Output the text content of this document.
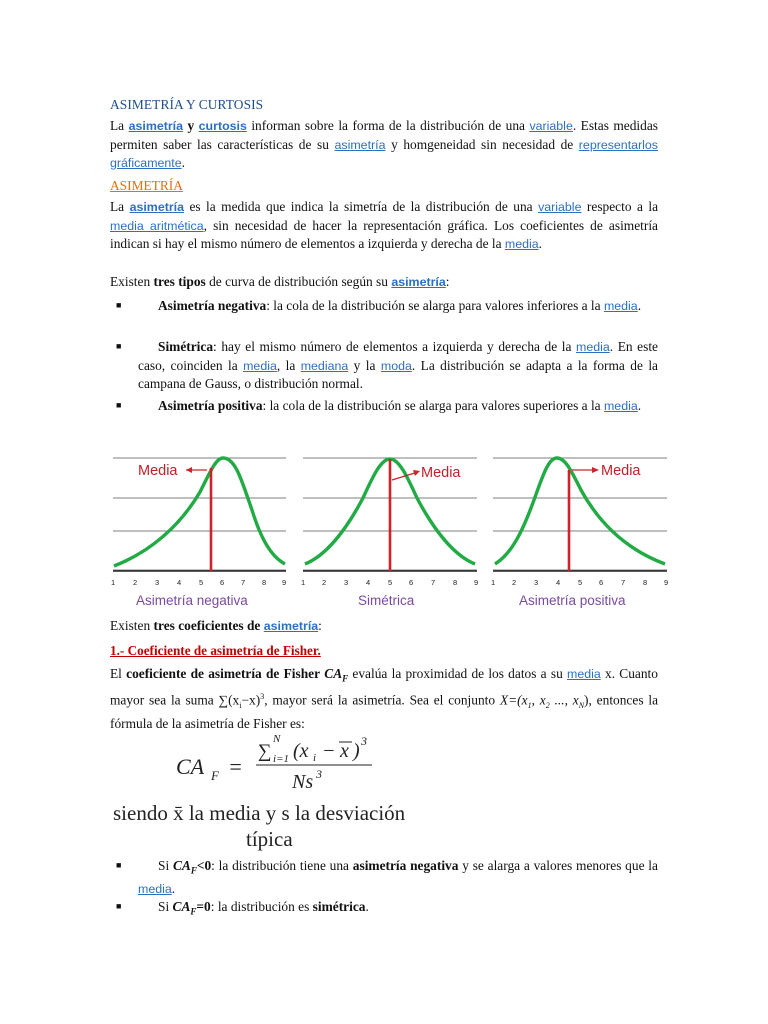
ASIMETRÍA Y CURTOSIS

La asimetría y curtosis informan sobre la forma de la distribución de una variable. Estas medidas permiten saber las características de su asimetría y homgeneidad sin necesidad de representarlos gráficamente.

ASIMETRÍA

La asimetría es la medida que indica la simetría de la distribución de una variable respecto a la media aritmética, sin necesidad de hacer la representación gráfica. Los coeficientes de asimetría indican si hay el mismo número de elementos a izquierda y derecha de la media.

Existen tres tipos de curva de distribución según su asimetría:

■	Asimetría negativa: la cola de la distribución se alarga para valores inferiores a la media.

■	Simétrica: hay el mismo número de elementos a izquierda y derecha de la media. En este caso, coinciden la media, la mediana y la moda. La distribución se adapta a la forma de la campana de Gauss, o distribución normal.

■	Asimetría positiva: la cola de la distribución se alarga para valores superiores a la media.

Existen tres coeficientes de asimetría:

1.- Coeficiente de asimetría de Fisher.

El coeficiente de asimetría de Fisher $CA_F$ evalúa la proximidad de los datos a su media x. Cuanto mayor sea la suma $\sum(x_i-x)^3$, mayor será la asimetría. Sea el conjunto $X=(x_1$, $x_2$ ..., $x_N$), entonces la fórmula de la asimetría de Fisher es:

■	Si $CA_F<0$: la distribución tiene una asimetría negativa y se alarga a valores menores que la media.

■	Si $CA_F=0$: la distribución es simétrica.

Media
1 2 3 4 5 6 7 8 9
Asimetría negativa
Media
1 2 3 4 5 6 7 8 9
Simétrica
Media
1 2 3 4 5 6 7 8 9
Asimetría positiva
CA F =
∑
N
i=1 (x i − x ) 3
Ns 3
siendo x̄ la media y s la desviación
típica
